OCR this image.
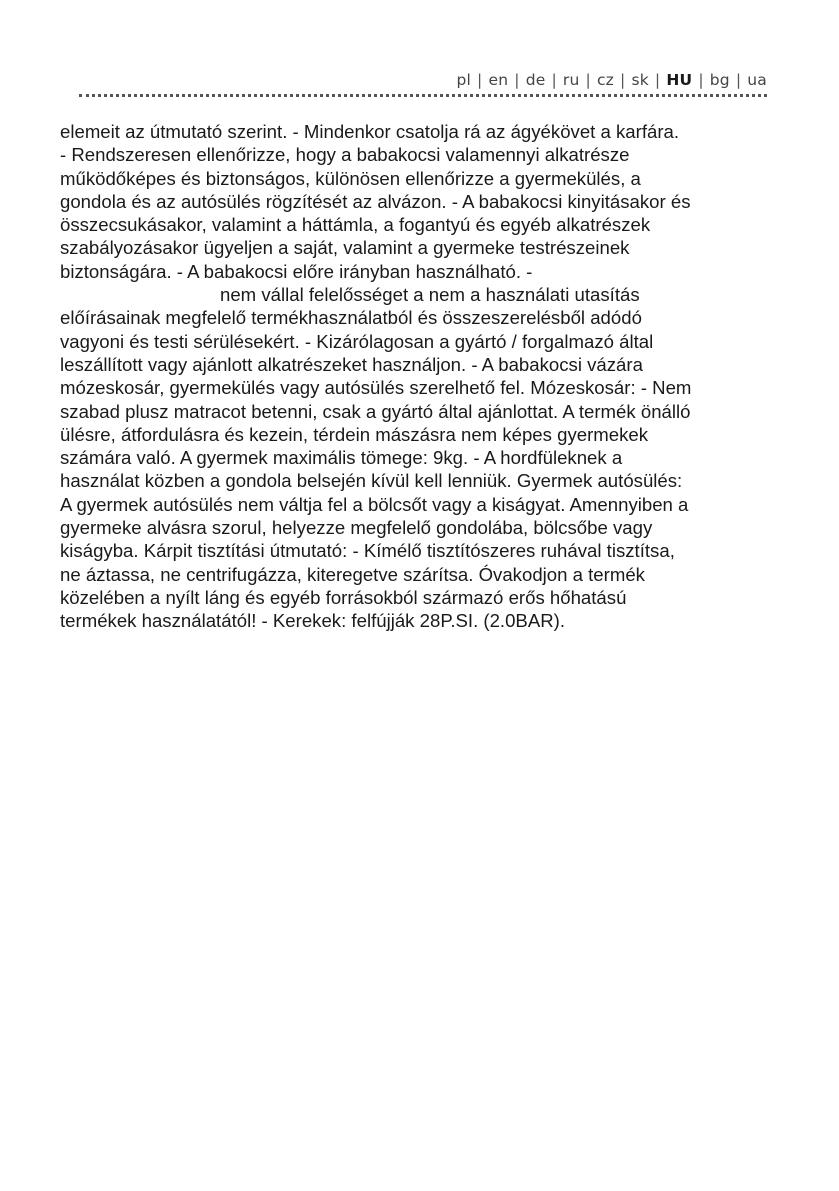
pl | en | de | ru | cz | sk | HU | bg | ua
elemeit az útmutató szerint. - Mindenkor csatolja rá az ágyékövet a karfára.
- Rendszeresen ellenőrizze, hogy a babakocsi valamennyi alkatrésze
működőképes és biztonságos, különösen ellenőrizze a gyermekülés, a
gondola és az autósülés rögzítését az alvázon. - A babakocsi kinyitásakor és
összecsukásakor, valamint a háttámla, a fogantyú és egyéb alkatrészek
szabályozásakor ügyeljen a saját, valamint a gyermeke testrészeinek
biztonságára. - A babakocsi előre irányban használható. -
nem vállal felelősséget a nem a használati utasítás
előírásainak megfelelő termékhasználatból és összeszerelésből adódó
vagyoni és testi sérülésekért. - Kizárólagosan a gyártó / forgalmazó által
leszállított vagy ajánlott alkatrészeket használjon. - A babakocsi vázára
mózeskosár, gyermekülés vagy autósülés szerelhető fel. Mózeskosár: - Nem
szabad plusz matracot betenni, csak a gyártó által ajánlottat. A termék önálló
ülésre, átfordulásra és kezein, térdein mászásra nem képes gyermekek
számára való. A gyermek maximális tömege: 9kg. - A hordfüleknek a
használat közben a gondola belsején kívül kell lenniük. Gyermek autósülés:
A gyermek autósülés nem váltja fel a bölcsőt vagy a kiságyat. Amennyiben a
gyermeke alvásra szorul, helyezze megfelelő gondolába, bölcsőbe vagy
kiságyba. Kárpit tisztítási útmutató: - Kímélő tisztítószeres ruhával tisztítsa,
ne áztassa, ne centrifugázza, kiteregetve szárítsa. Óvakodjon a termék
közelében a nyílt láng és egyéb forrásokból származó erős hőhatású
termékek használatától! - Kerekek: felfújják 28P.SI. (2.0BAR).
